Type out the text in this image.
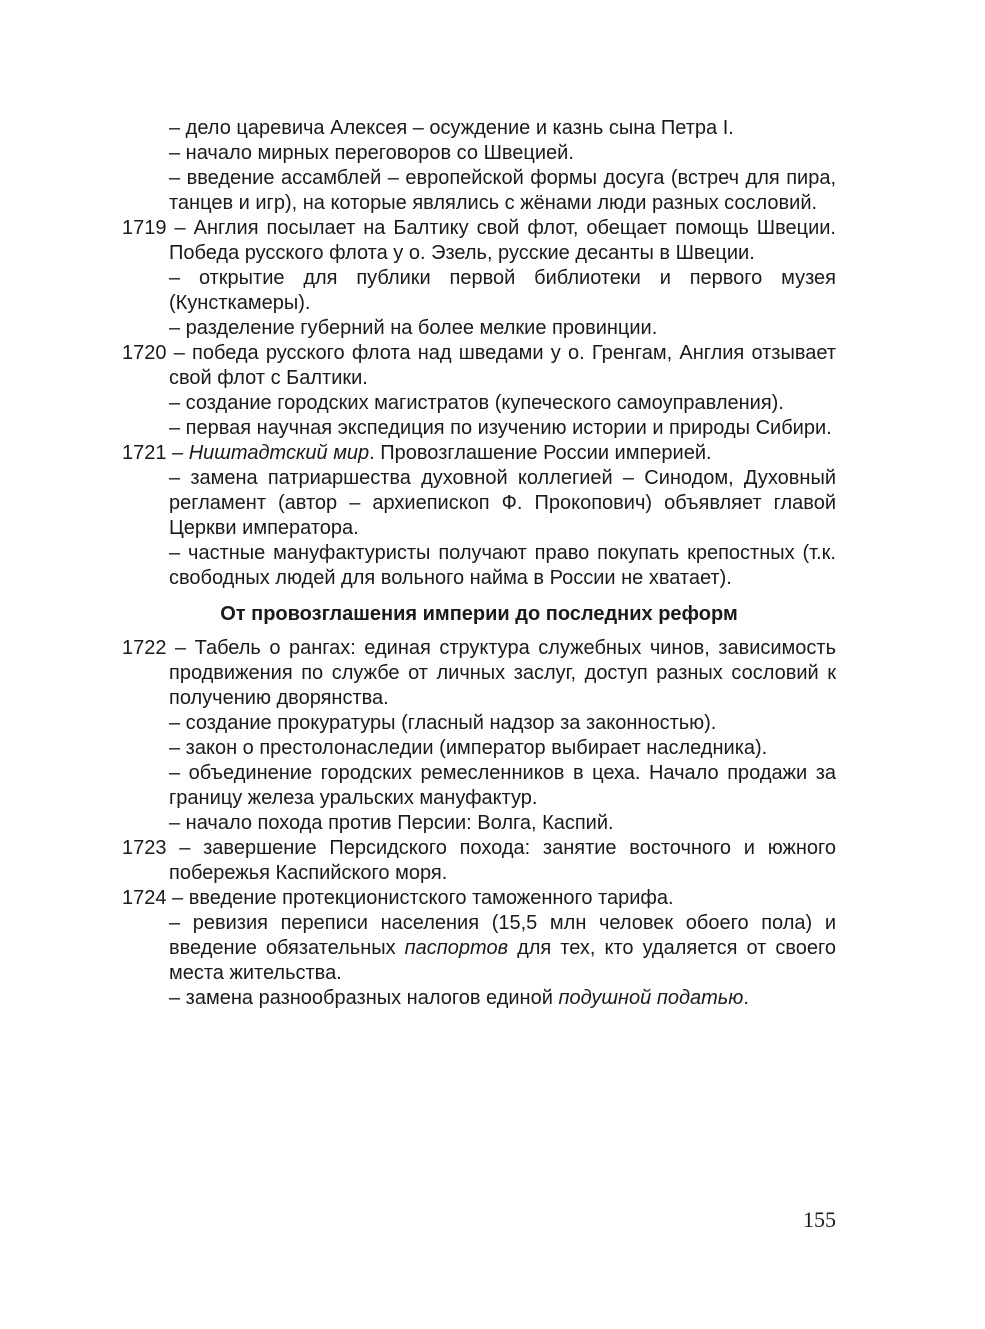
– дело царевича Алексея – осуждение и казнь сына Петра I.

– начало мирных переговоров со Швецией.

– введение ассамблей – европейской формы досуга (встреч для пира, танцев и игр), на которые являлись с жёнами люди разных сословий.

1719 – Англия посылает на Балтику свой флот, обещает помощь Швеции. Победа русского флота у о. Эзель, русские десанты в Швеции.

– открытие для публики первой библиотеки и первого музея (Кунсткамеры).

– разделение губерний на более мелкие провинции.

1720 – победа русского флота над шведами у о. Гренгам, Англия отзывает свой флот с Балтики.

– создание городских магистратов (купеческого самоуправления).

– первая научная экспедиция по изучению истории и природы Сибири.

1721 – Ништадтский мир. Провозглашение России империей.

– замена патриаршества духовной коллегией – Синодом, Духовный регламент (автор – архиепископ Ф. Прокопович) объявляет главой Церкви императора.

– частные мануфактуристы получают право покупать крепостных (т.к. свободных людей для вольного найма в России не хватает).

От провозглашения империи до последних реформ

1722 – Табель о рангах: единая структура служебных чинов, зависимость продвижения по службе от личных заслуг, доступ разных сословий к получению дворянства.

– создание прокуратуры (гласный надзор за законностью).

– закон о престолонаследии (император выбирает наследника).

– объединение городских ремесленников в цеха. Начало продажи за границу железа уральских мануфактур.

– начало похода против Персии: Волга, Каспий.

1723 – завершение Персидского похода: занятие восточного и южного побережья Каспийского моря.

1724 – введение протекционистского таможенного тарифа.

– ревизия переписи населения (15,5 млн человек обоего пола) и введение обязательных паспортов для тех, кто удаляется от своего места жительства.

– замена разнообразных налогов единой подушной податью.

155
